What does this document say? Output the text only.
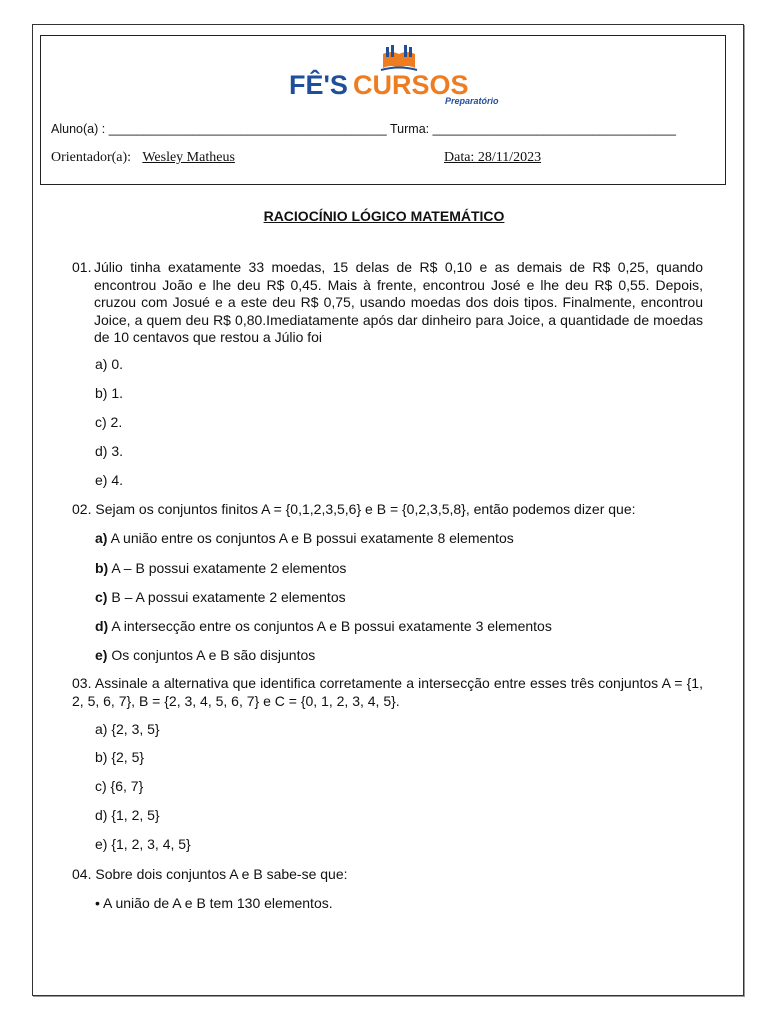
FÊ'S CURSOS
Preparatório
Aluno(a) : ________________________________________ Turma: ___________________________________
Orientador(a): Wesley Matheus	Data: 28/11/2023
RACIOCÍNIO LÓGICO MATEMÁTICO
01. Júlio tinha exatamente 33 moedas, 15 delas de R$ 0,10 e as demais de R$ 0,25, quando encontrou João e lhe deu R$ 0,45. Mais à frente, encontrou José e lhe deu R$ 0,55. Depois, cruzou com Josué e a este deu R$ 0,75, usando moedas dos dois tipos. Finalmente, encontrou Joice, a quem deu R$ 0,80.Imediatamente após dar dinheiro para Joice, a quantidade de moedas de 10 centavos que restou a Júlio foi
a) 0.
b) 1.
c) 2.
d) 3.
e) 4.
02. Sejam os conjuntos finitos A = {0,1,2,3,5,6} e B = {0,2,3,5,8}, então podemos dizer que:
a) A união entre os conjuntos A e B possui exatamente 8 elementos
b) A – B possui exatamente 2 elementos
c) B – A possui exatamente 2 elementos
d) A intersecção entre os conjuntos A e B possui exatamente 3 elementos
e) Os conjuntos A e B são disjuntos
03. Assinale a alternativa que identifica corretamente a intersecção entre esses três conjuntos A = {1, 2, 5, 6, 7}, B = {2, 3, 4, 5, 6, 7} e C = {0, 1, 2, 3, 4, 5}.
a) {2, 3, 5}
b) {2, 5}
c) {6, 7}
d) {1, 2, 5}
e) {1, 2, 3, 4, 5}
04. Sobre dois conjuntos A e B sabe-se que:
• A união de A e B tem 130 elementos.
